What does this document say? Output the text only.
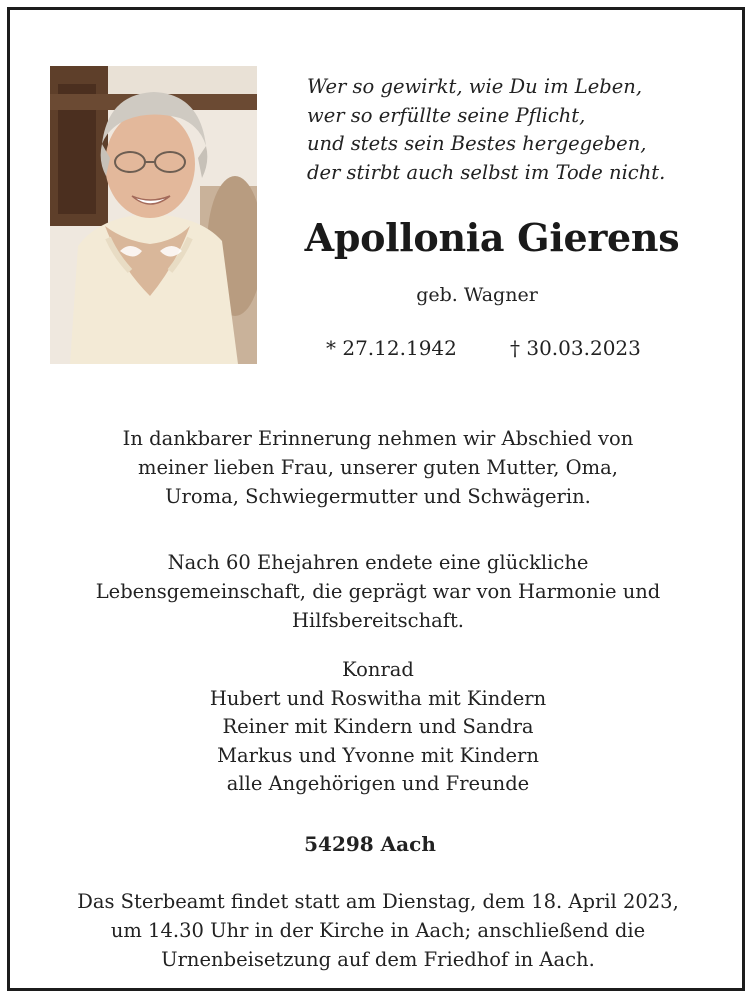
Wer so gewirkt, wie Du im Leben,
wer so erfüllte seine Pflicht,
und stets sein Bestes hergegeben,
der stirbt auch selbst im Tode nicht.
Apollonia Gierens
geb. Wagner
* 27.12.1942	† 30.03.2023
In dankbarer Erinnerung nehmen wir Abschied von
meiner lieben Frau, unserer guten Mutter, Oma,
Uroma, Schwiegermutter und Schwägerin.
Nach 60 Ehejahren endete eine glückliche
Lebensgemeinschaft, die geprägt war von Harmonie und
Hilfsbereitschaft.
Konrad
Hubert und Roswitha mit Kindern
Reiner mit Kindern und Sandra
Markus und Yvonne mit Kindern
alle Angehörigen und Freunde
54298 Aach
Das Sterbeamt findet statt am Dienstag, dem 18. April 2023,
um 14.30 Uhr in der Kirche in Aach; anschließend die
Urnenbeisetzung auf dem Friedhof in Aach.
